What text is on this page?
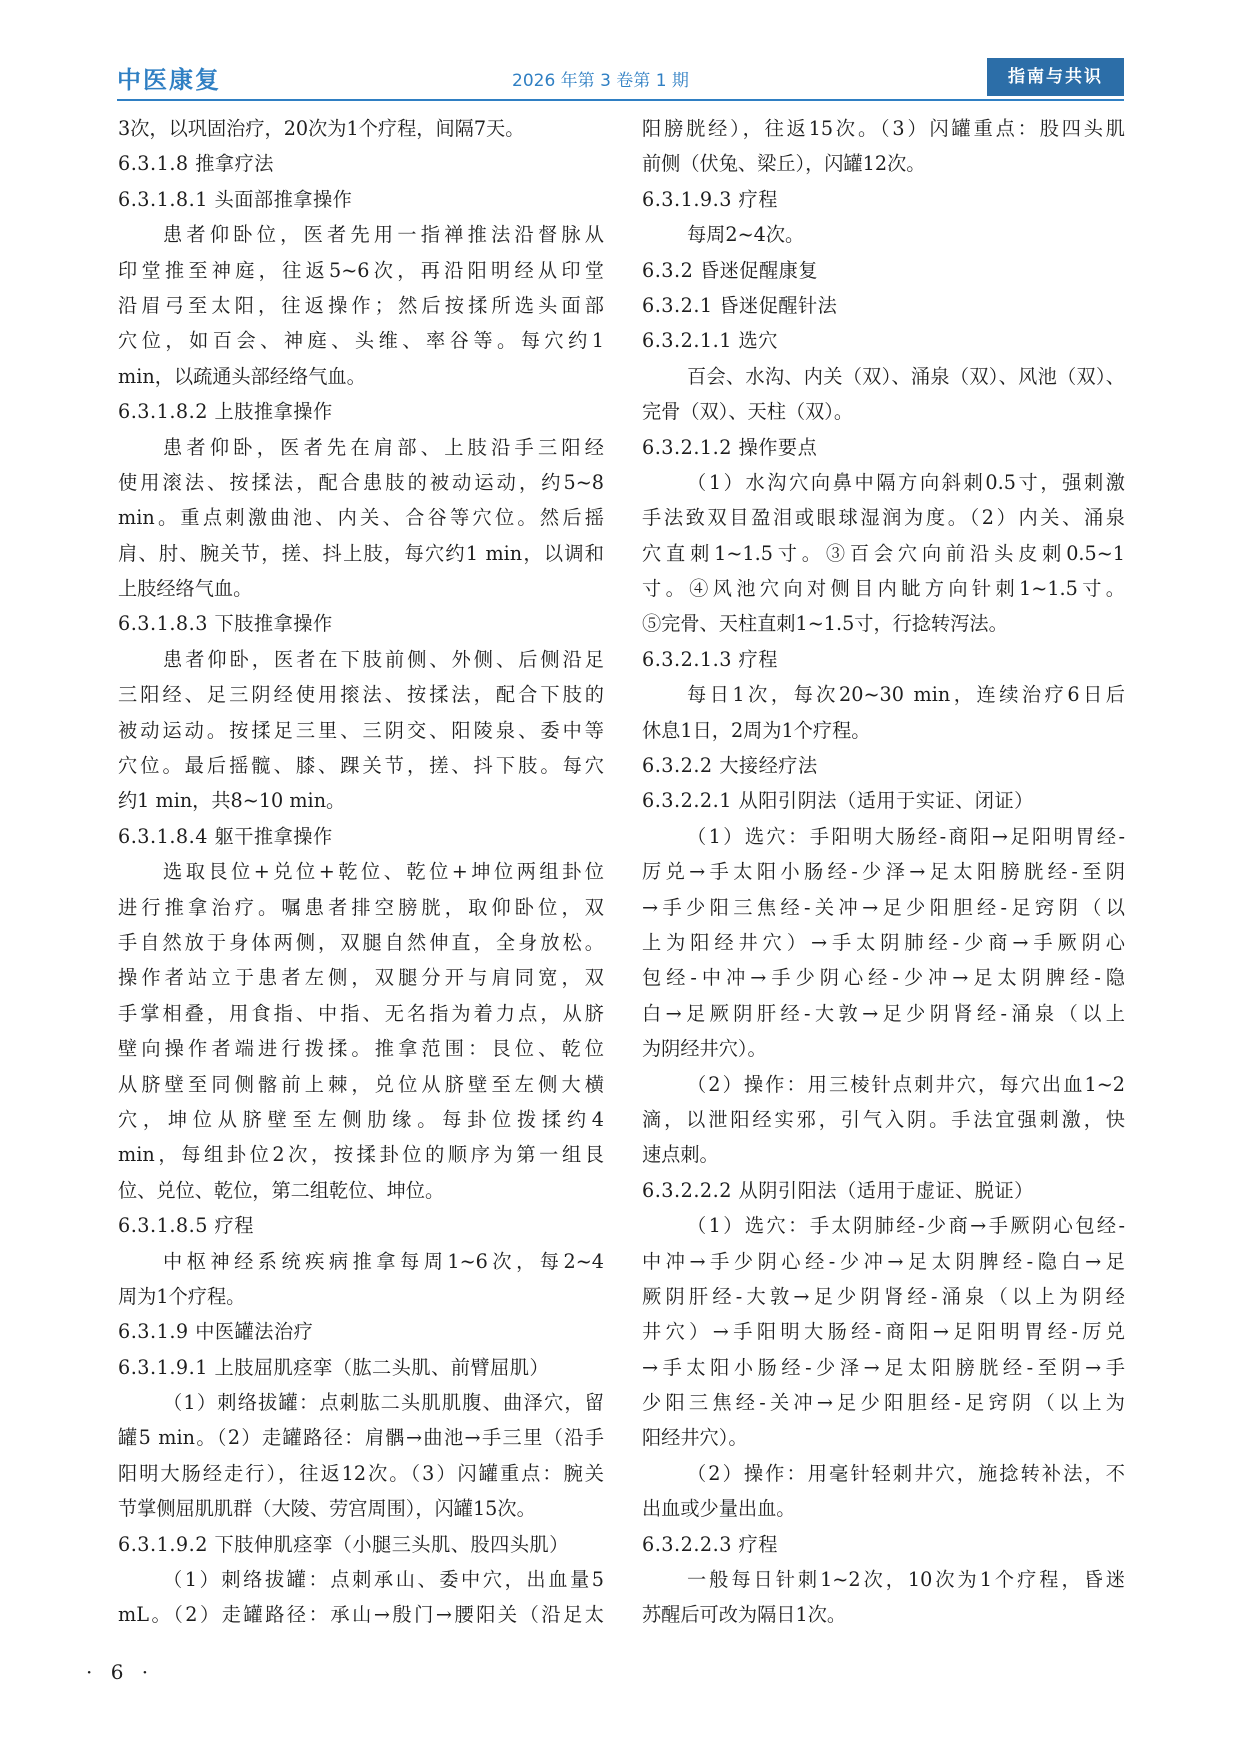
中医康复	2026 年第 3 卷第 1 期	指南与共识
3次，以巩固治疗，20次为1个疗程，间隔7天。
6.3.1.8 推拿疗法
6.3.1.8.1 头面部推拿操作
患者仰卧位，医者先用一指禅推法沿督脉从
印堂推至神庭，往返5~6次，再沿阳明经从印堂
沿眉弓至太阳，往返操作；然后按揉所选头面部
穴位，如百会、神庭、头维、率谷等。每穴约1
min，以疏通头部经络气血。
6.3.1.8.2 上肢推拿操作
患者仰卧，医者先在肩部、上肢沿手三阳经
使用滚法、按揉法，配合患肢的被动运动，约5~8
min。重点刺激曲池、内关、合谷等穴位。然后摇
肩、肘、腕关节，搓、抖上肢，每穴约1 min，以调和
上肢经络气血。
6.3.1.8.3 下肢推拿操作
患者仰卧，医者在下肢前侧、外侧、后侧沿足
三阳经、足三阴经使用㨰法、按揉法，配合下肢的
被动运动。按揉足三里、三阴交、阳陵泉、委中等
穴位。最后摇髋、膝、踝关节，搓、抖下肢。每穴
约1 min，共8~10 min。
6.3.1.8.4 躯干推拿操作
选取艮位+兑位+乾位、乾位+坤位两组卦位
进行推拿治疗。嘱患者排空膀胱，取仰卧位，双
手自然放于身体两侧，双腿自然伸直，全身放松。
操作者站立于患者左侧，双腿分开与肩同宽，双
手掌相叠，用食指、中指、无名指为着力点，从脐
壁向操作者端进行拨揉。推拿范围：艮位、乾位
从脐壁至同侧髂前上棘，兑位从脐壁至左侧大横
穴，坤位从脐壁至左侧肋缘。每卦位拨揉约4
min，每组卦位2次，按揉卦位的顺序为第一组艮
位、兑位、乾位，第二组乾位、坤位。
6.3.1.8.5 疗程
中枢神经系统疾病推拿每周1~6次，每2~4
周为1个疗程。
6.3.1.9 中医罐法治疗
6.3.1.9.1 上肢屈肌痉挛（肱二头肌、前臂屈肌）
（1）刺络拔罐：点刺肱二头肌肌腹、曲泽穴，留
罐5 min。（2）走罐路径：肩髃→曲池→手三里（沿手
阳明大肠经走行），往返12次。（3）闪罐重点：腕关
节掌侧屈肌肌群（大陵、劳宫周围），闪罐15次。
6.3.1.9.2 下肢伸肌痉挛（小腿三头肌、股四头肌）
（1）刺络拔罐：点刺承山、委中穴，出血量5
mL。（2）走罐路径：承山→殷门→腰阳关（沿足太
阳膀胱经），往返15次。（3）闪罐重点：股四头肌
前侧（伏兔、梁丘），闪罐12次。
6.3.1.9.3 疗程
每周2~4次。
6.3.2 昏迷促醒康复
6.3.2.1 昏迷促醒针法
6.3.2.1.1 选穴
百会、水沟、内关（双）、涌泉（双）、风池（双）、
完骨（双）、天柱（双）。
6.3.2.1.2 操作要点
（1）水沟穴向鼻中隔方向斜刺0.5寸，强刺激
手法致双目盈泪或眼球湿润为度。（2）内关、涌泉
穴直刺1~1.5寸。③百会穴向前沿头皮刺0.5~1
寸。④风池穴向对侧目内眦方向针刺1~1.5寸。
⑤完骨、天柱直刺1~1.5寸，行捻转泻法。
6.3.2.1.3 疗程
每日1次，每次20~30 min，连续治疗6日后
休息1日，2周为1个疗程。
6.3.2.2 大接经疗法
6.3.2.2.1 从阳引阴法（适用于实证、闭证）
（1）选穴：手阳明大肠经-商阳→足阳明胃经-
厉兑→手太阳小肠经-少泽→足太阳膀胱经-至阴
→手少阳三焦经-关冲→足少阳胆经-足窍阴（以
上为阳经井穴）→手太阴肺经-少商→手厥阴心
包经-中冲→手少阴心经-少冲→足太阴脾经-隐
白→足厥阴肝经-大敦→足少阴肾经-涌泉（以上
为阴经井穴）。
（2）操作：用三棱针点刺井穴，每穴出血1~2
滴，以泄阳经实邪，引气入阴。手法宜强刺激，快
速点刺。
6.3.2.2.2 从阴引阳法（适用于虚证、脱证）
（1）选穴：手太阴肺经-少商→手厥阴心包经-
中冲→手少阴心经-少冲→足太阴脾经-隐白→足
厥阴肝经-大敦→足少阴肾经-涌泉（以上为阴经
井穴）→手阳明大肠经-商阳→足阳明胃经-厉兑
→手太阳小肠经-少泽→足太阳膀胱经-至阴→手
少阳三焦经-关冲→足少阳胆经-足窍阴（以上为
阳经井穴）。
（2）操作：用毫针轻刺井穴，施捻转补法，不
出血或少量出血。
6.3.2.2.3 疗程
一般每日针刺1~2次，10次为1个疗程，昏迷
苏醒后可改为隔日1次。
· 6 ·
